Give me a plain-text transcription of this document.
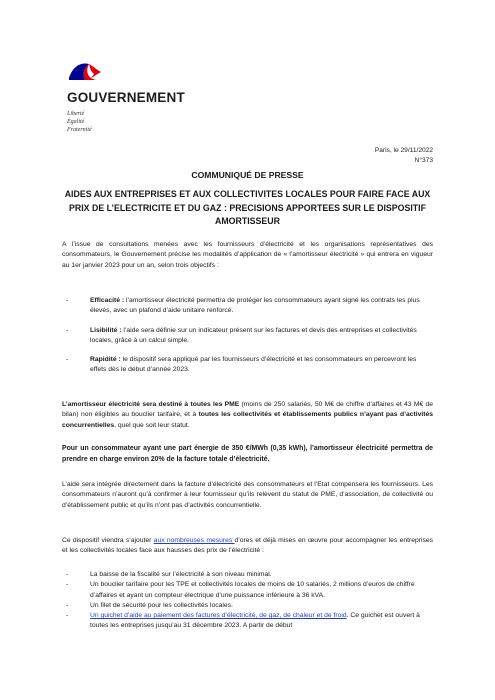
GOUVERNEMENT
Liberté
Égalité
Fraternité
Paris, le 29/11/2022
N°373
COMMUNIQUÉ DE PRESSE
AIDES AUX ENTREPRISES ET AUX COLLECTIVITES LOCALES POUR FAIRE FACE AUX PRIX DE L’ELECTRICITE ET DU GAZ : PRECISIONS APPORTEES SUR LE DISPOSITIF AMORTISSEUR
A l’issue de consultations menées avec les fournisseurs d’électricité et les organisations représentatives des consommateurs, le Gouvernement précise les modalités d’application de « l’amortisseur électricité » qui entrera en vigueur au 1er janvier 2023 pour un an, selon trois objectifs :
-	Efficacité : l’amortisseur électricité permettra de protéger les consommateurs ayant signé les contrats les plus élevés, avec un plafond d’aide unitaire renforcé.
-	Lisibilité : l’aide sera définie sur un indicateur présent sur les factures et devis des entreprises et collectivités locales, grâce à un calcul simple.
-	Rapidité : le dispositif sera appliqué par les fournisseurs d’électricité et les consommateurs en percevront les effets dès le début d’année 2023.
L’amortisseur électricité sera destiné à toutes les PME (moins de 250 salariés, 50 M€ de chiffre d’affaires et 43 M€ de bilan) non éligibles au bouclier tarifaire, et à toutes les collectivités et établissements publics n’ayant pas d’activités concurrentielles, quel que soit leur statut.
Pour un consommateur ayant une part énergie de 350 €/MWh (0,35 kWh), l’amortisseur électricité permettra de prendre en charge environ 20% de la facture totale d’électricité.
L’aide sera intégrée directement dans la facture d’électricité des consommateurs et l’Etat compensera les fournisseurs. Les consommateurs n’auront qu’à confirmer à leur fournisseur qu’ils relèvent du statut de PME, d’association, de collectivité ou d’établissement public et qu’ils n’ont pas d’activités concurrentielle.
Ce dispositif viendra s’ajouter aux nombreuses mesures d’ores et déjà mises en œuvre pour accompagner les entreprises et les collectivités locales face aux hausses des prix de l’électricité :
-	La baisse de la fiscalité sur l’électricité à son niveau minimal.
-	Un bouclier tarifaire pour les TPE et collectivités locales de moins de 10 salariés, 2 millions d’euros de chiffre d’affaires et ayant un compteur électrique d’une puissance inférieure à 36 kVA.
-	Un filet de sécurité pour les collectivités locales.
-	Un guichet d’aide au paiement des factures d’électricité, de gaz, de chaleur et de froid. Ce guichet est ouvert à toutes les entreprises jusqu’au 31 décembre 2023. A partir de début
